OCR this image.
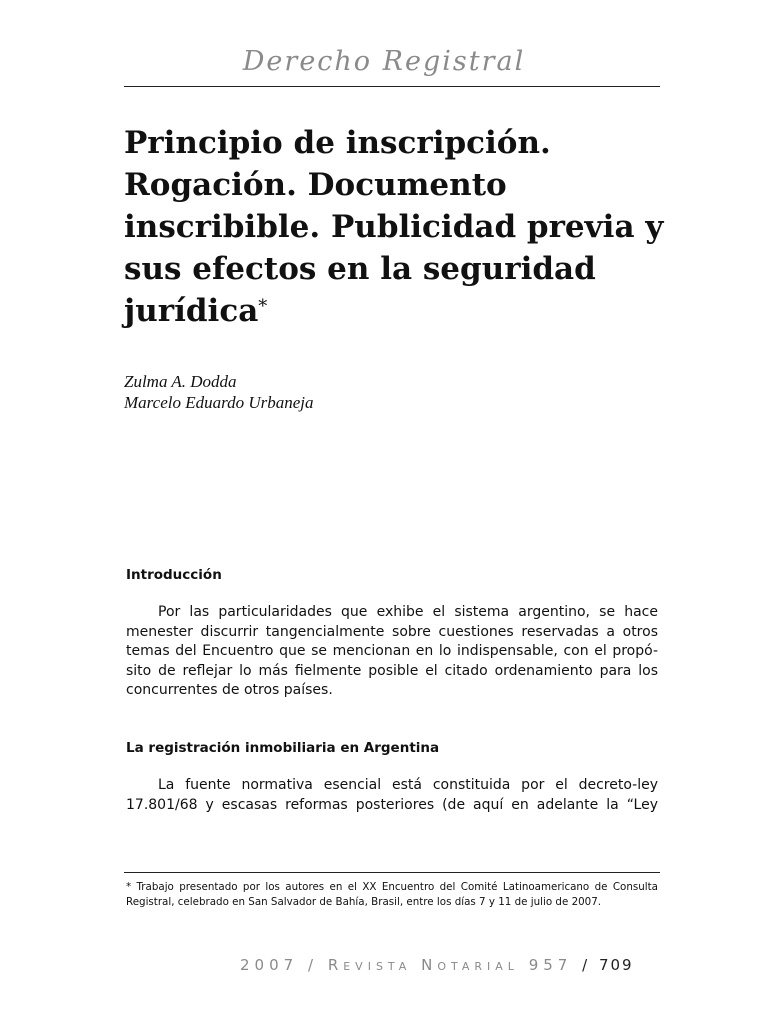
Derecho Registral
Principio de inscripción. Rogación. Documento inscribible. Publicidad previa y sus efectos en la seguridad jurídica*
Zulma A. Dodda
Marcelo Eduardo Urbaneja
Introducción
Por las particularidades que exhibe el sistema argentino, se hace
menester discurrir tangencialmente sobre cuestiones reservadas a otros
temas del Encuentro que se mencionan en lo indispensable, con el propó-
sito de reflejar lo más fielmente posible el citado ordenamiento para los
concurrentes de otros países.
La registración inmobiliaria en Argentina
La fuente normativa esencial está constituida por el decreto-ley
17.801/68 y escasas reformas posteriores (de aquí en adelante la “Ley

* Trabajo presentado por los autores en el XX Encuentro del Comité Latinoamericano de Consulta Registral, celebrado en San Salvador de Bahía, Brasil, entre los días 7 y 11 de julio de 2007.

2007 / Revista Notarial 957 / 709
